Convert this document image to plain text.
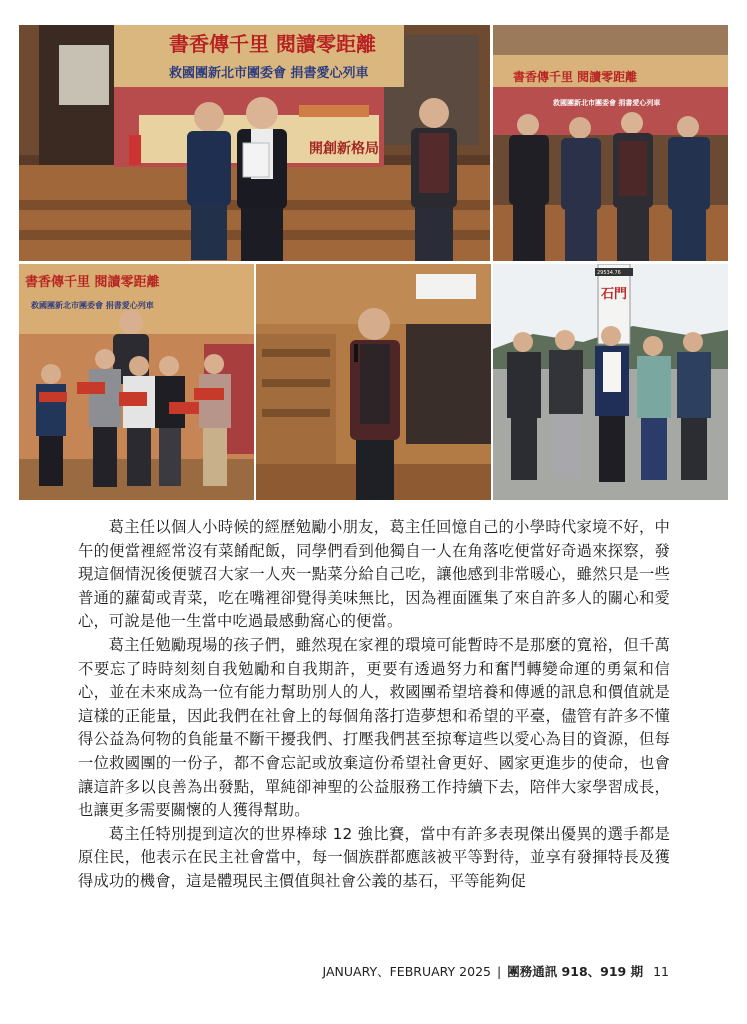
書香傳千里 閱讀零距離
救國團新北市團委會 捐書愛心列車
開創新格局
書香傳千里 閱讀零距離
救國團新北市團委會 捐書愛心列車
書香傳千里 閱讀零距離
救國團新北市團委會 捐書愛心列車
石門
29534.76

葛主任以個人小時候的經歷勉勵小朋友，葛主任回憶自己的小學時代家境不好，中午的便當裡經常沒有菜餚配飯，同學們看到他獨自一人在角落吃便當好奇過來探察，發現這個情況後便號召大家一人夾一點菜分給自己吃，讓他感到非常暖心，雖然只是一些普通的蘿蔔或青菜，吃在嘴裡卻覺得美味無比，因為裡面匯集了來自許多人的關心和愛心，可說是他一生當中吃過最感動窩心的便當。

葛主任勉勵現場的孩子們，雖然現在家裡的環境可能暫時不是那麼的寬裕，但千萬不要忘了時時刻刻自我勉勵和自我期許，更要有透過努力和奮鬥轉變命運的勇氣和信心，並在未來成為一位有能力幫助別人的人，救國團希望培養和傳遞的訊息和價值就是這樣的正能量，因此我們在社會上的每個角落打造夢想和希望的平臺，儘管有許多不懂得公益為何物的負能量不斷干擾我們、打壓我們甚至掠奪這些以愛心為目的資源，但每一位救國團的一份子，都不會忘記或放棄這份希望社會更好、國家更進步的使命，也會讓這許多以良善為出發點，單純卻神聖的公益服務工作持續下去，陪伴大家學習成長，也讓更多需要關懷的人獲得幫助。

葛主任特別提到這次的世界棒球 12 強比賽，當中有許多表現傑出優異的選手都是原住民，他表示在民主社會當中，每一個族群都應該被平等對待，並享有發揮特長及獲得成功的機會，這是體現民主價值與社會公義的基石，平等能夠促

JANUARY、FEBRUARY 2025 | 團務通訊 918、919 期 11
